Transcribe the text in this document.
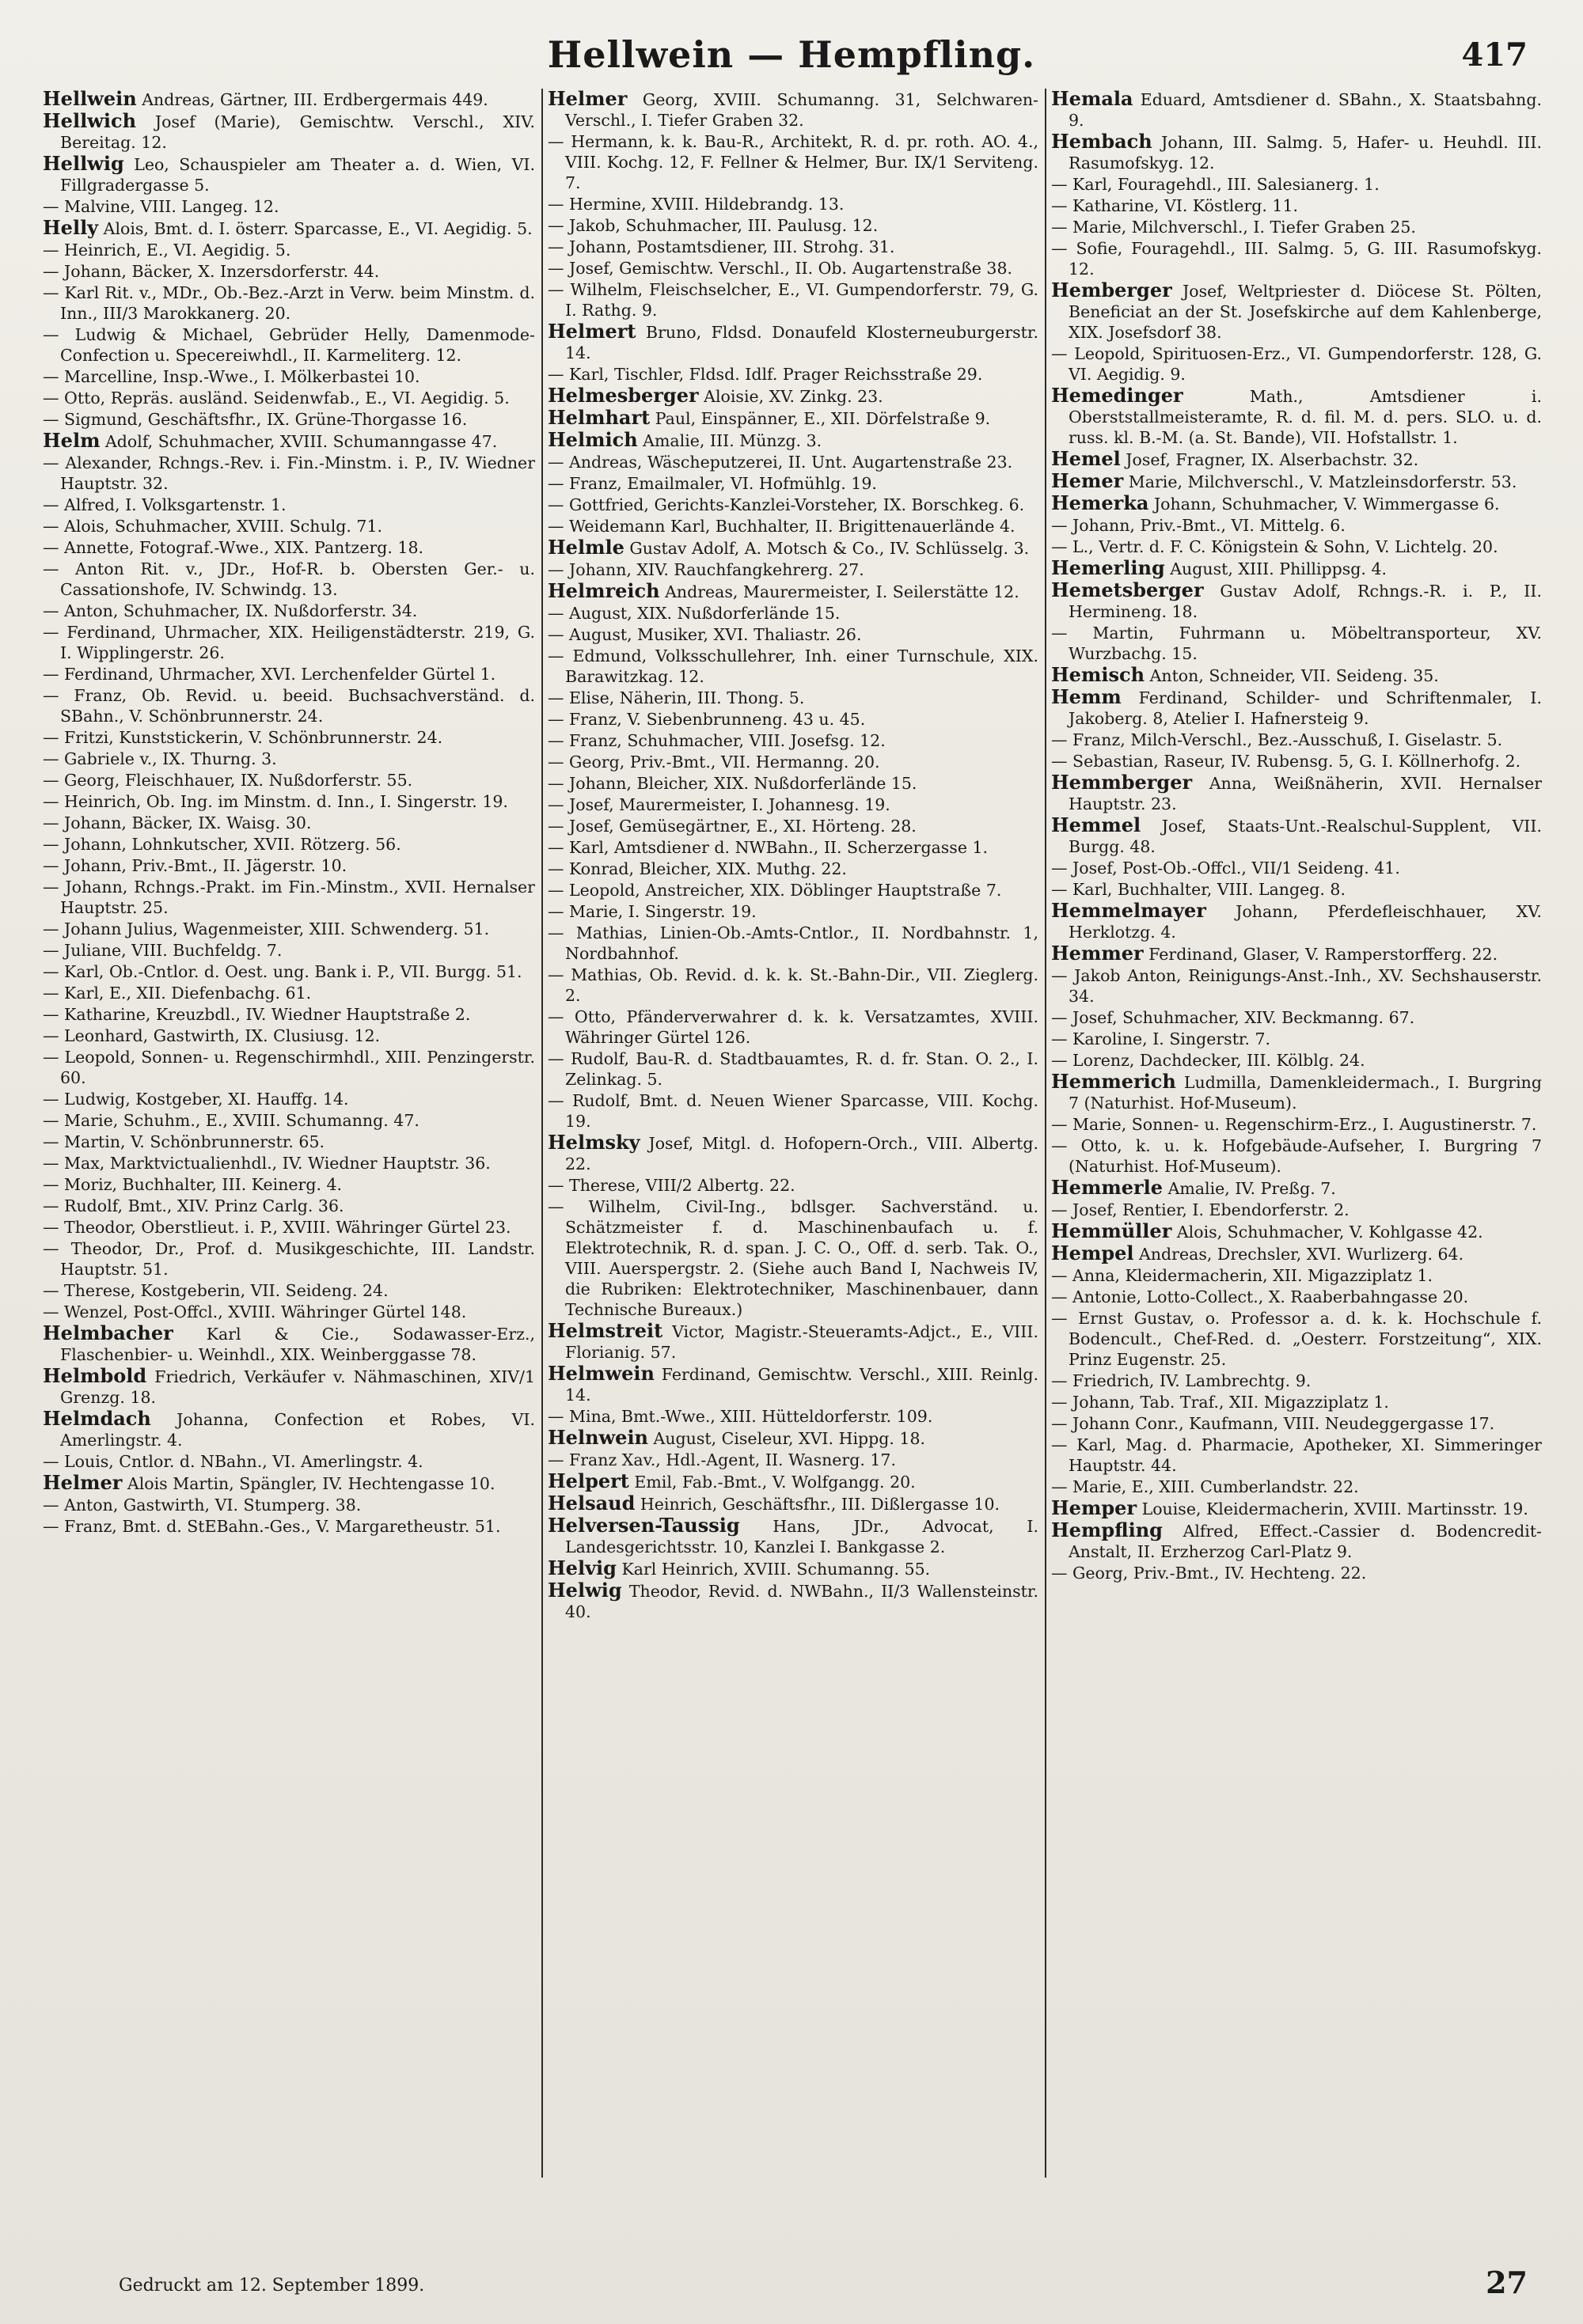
Hellwein — Hempfling.	417
Hellwein Andreas, Gärtner, III. Erdbergermais 449.
Hellwich Josef (Marie), Gemischtw. Verschl., XIV. Bereitag. 12.
Hellwig Leo, Schauspieler am Theater a. d. Wien, VI. Fillgradergasse 5.
— Malvine, VIII. Langeg. 12.
Helly Alois, Bmt. d. I. österr. Sparcasse, E., VI. Aegidig. 5.
— Heinrich, E., VI. Aegidig. 5.
— Johann, Bäcker, X. Inzersdorferstr. 44.
— Karl Rit. v., MDr., Ob.-Bez.-Arzt in Verw. beim Minstm. d. Inn., III/3 Marokkanerg. 20.
— Ludwig & Michael, Gebrüder Helly, Damenmode-Confection u. Specereiwhdl., II. Karmeliterg. 12.
— Marcelline, Insp.-Wwe., I. Mölkerbastei 10.
— Otto, Repräs. ausländ. Seidenwfab., E., VI. Aegidig. 5.
— Sigmund, Geschäftsfhr., IX. Grüne-Thorgasse 16.
Helm Adolf, Schuhmacher, XVIII. Schumanngasse 47.
— Alexander, Rchngs.-Rev. i. Fin.-Minstm. i. P., IV. Wiedner Hauptstr. 32.
— Alfred, I. Volksgartenstr. 1.
— Alois, Schuhmacher, XVIII. Schulg. 71.
— Annette, Fotograf.-Wwe., XIX. Pantzerg. 18.
— Anton Rit. v., JDr., Hof-R. b. Obersten Ger.- u. Cassationshofe, IV. Schwindg. 13.
— Anton, Schuhmacher, IX. Nußdorferstr. 34.
— Ferdinand, Uhrmacher, XIX. Heiligenstädterstr. 219, G. I. Wipplingerstr. 26.
— Ferdinand, Uhrmacher, XVI. Lerchenfelder Gürtel 1.
— Franz, Ob. Revid. u. beeid. Buchsachverständ. d. SBahn., V. Schönbrunnerstr. 24.
— Fritzi, Kunststickerin, V. Schönbrunnerstr. 24.
— Gabriele v., IX. Thurng. 3.
— Georg, Fleischhauer, IX. Nußdorferstr. 55.
— Heinrich, Ob. Ing. im Minstm. d. Inn., I. Singerstr. 19.
— Johann, Bäcker, IX. Waisg. 30.
— Johann, Lohnkutscher, XVII. Rötzerg. 56.
— Johann, Priv.-Bmt., II. Jägerstr. 10.
— Johann, Rchngs.-Prakt. im Fin.-Minstm., XVII. Hernalser Hauptstr. 25.
— Johann Julius, Wagenmeister, XIII. Schwenderg. 51.
— Juliane, VIII. Buchfeldg. 7.
— Karl, Ob.-Cntlor. d. Oest. ung. Bank i. P., VII. Burgg. 51.
— Karl, E., XII. Diefenbachg. 61.
— Katharine, Kreuzbdl., IV. Wiedner Hauptstraße 2.
— Leonhard, Gastwirth, IX. Clusiusg. 12.
— Leopold, Sonnen- u. Regenschirmhdl., XIII. Penzingerstr. 60.
— Ludwig, Kostgeber, XI. Hauffg. 14.
— Marie, Schuhm., E., XVIII. Schumanng. 47.
— Martin, V. Schönbrunnerstr. 65.
— Max, Marktvictualienhdl., IV. Wiedner Hauptstr. 36.
— Moriz, Buchhalter, III. Keinerg. 4.
— Rudolf, Bmt., XIV. Prinz Carlg. 36.
— Theodor, Oberstlieut. i. P., XVIII. Währinger Gürtel 23.
— Theodor, Dr., Prof. d. Musikgeschichte, III. Landstr. Hauptstr. 51.
— Therese, Kostgeberin, VII. Seideng. 24.
— Wenzel, Post-Offcl., XVIII. Währinger Gürtel 148.
Helmbacher Karl & Cie., Sodawasser-Erz., Flaschenbier- u. Weinhdl., XIX. Weinberggasse 78.
Helmbold Friedrich, Verkäufer v. Nähmaschinen, XIV/1 Grenzg. 18.
Helmdach Johanna, Confection et Robes, VI. Amerlingstr. 4.
— Louis, Cntlor. d. NBahn., VI. Amerlingstr. 4.
Helmer Alois Martin, Spängler, IV. Hechtengasse 10.
— Anton, Gastwirth, VI. Stumperg. 38.
— Franz, Bmt. d. StEBahn.-Ges., V. Margaretheustr. 51.
Helmer Georg, XVIII. Schumanng. 31, Selchwaren-Verschl., I. Tiefer Graben 32.
— Hermann, k. k. Bau-R., Architekt, R. d. pr. roth. AO. 4., VIII. Kochg. 12, F. Fellner & Helmer, Bur. IX/1 Serviteng. 7.
— Hermine, XVIII. Hildebrandg. 13.
— Jakob, Schuhmacher, III. Paulusg. 12.
— Johann, Postamtsdiener, III. Strohg. 31.
— Josef, Gemischtw. Verschl., II. Ob. Augartenstraße 38.
— Wilhelm, Fleischselcher, E., VI. Gumpendorferstr. 79, G. I. Rathg. 9.
Helmert Bruno, Fldsd. Donaufeld Klosterneuburgerstr. 14.
— Karl, Tischler, Fldsd. Idlf. Prager Reichsstraße 29.
Helmesberger Aloisie, XV. Zinkg. 23.
Helmhart Paul, Einspänner, E., XII. Dörfelstraße 9.
Helmich Amalie, III. Münzg. 3.
— Andreas, Wäscheputzerei, II. Unt. Augartenstraße 23.
— Franz, Emailmaler, VI. Hofmühlg. 19.
— Gottfried, Gerichts-Kanzlei-Vorsteher, IX. Borschkeg. 6.
— Weidemann Karl, Buchhalter, II. Brigittenauerlände 4.
Helmle Gustav Adolf, A. Motsch & Co., IV. Schlüsselg. 3.
— Johann, XIV. Rauchfangkehrerg. 27.
Helmreich Andreas, Maurermeister, I. Seilerstätte 12.
— August, XIX. Nußdorferlände 15.
— August, Musiker, XVI. Thaliastr. 26.
— Edmund, Volksschullehrer, Inh. einer Turnschule, XIX. Barawitzkag. 12.
— Elise, Näherin, III. Thong. 5.
— Franz, V. Siebenbrunneng. 43 u. 45.
— Franz, Schuhmacher, VIII. Josefsg. 12.
— Georg, Priv.-Bmt., VII. Hermanng. 20.
— Johann, Bleicher, XIX. Nußdorferlände 15.
— Josef, Maurermeister, I. Johannesg. 19.
— Josef, Gemüsegärtner, E., XI. Hörteng. 28.
— Karl, Amtsdiener d. NWBahn., II. Scherzergasse 1.
— Konrad, Bleicher, XIX. Muthg. 22.
— Leopold, Anstreicher, XIX. Döblinger Hauptstraße 7.
— Marie, I. Singerstr. 19.
— Mathias, Linien-Ob.-Amts-Cntlor., II. Nordbahnstr. 1, Nordbahnhof.
— Mathias, Ob. Revid. d. k. k. St.-Bahn-Dir., VII. Zieglerg. 2.
— Otto, Pfänderverwahrer d. k. k. Versatzamtes, XVIII. Währinger Gürtel 126.
— Rudolf, Bau-R. d. Stadtbauamtes, R. d. fr. Stan. O. 2., I. Zelinkag. 5.
— Rudolf, Bmt. d. Neuen Wiener Sparcasse, VIII. Kochg. 19.
Helmsky Josef, Mitgl. d. Hofopern-Orch., VIII. Albertg. 22.
— Therese, VIII/2 Albertg. 22.
— Wilhelm, Civil-Ing., bdlsger. Sachverständ. u. Schätzmeister f. d. Maschinenbaufach u. f. Elektrotechnik, R. d. span. J. C. O., Off. d. serb. Tak. O., VIII. Auerspergstr. 2. (Siehe auch Band I, Nachweis IV, die Rubriken: Elektrotechniker, Maschinenbauer, dann Technische Bureaux.)
Helmstreit Victor, Magistr.-Steueramts-Adjct., E., VIII. Florianig. 57.
Helmwein Ferdinand, Gemischtw. Verschl., XIII. Reinlg. 14.
— Mina, Bmt.-Wwe., XIII. Hütteldorferstr. 109.
Helnwein August, Ciseleur, XVI. Hippg. 18.
— Franz Xav., Hdl.-Agent, II. Wasnerg. 17.
Helpert Emil, Fab.-Bmt., V. Wolfgangg. 20.
Helsaud Heinrich, Geschäftsfhr., III. Dißlergasse 10.
Helversen-Taussig Hans, JDr., Advocat, I. Landesgerichtsstr. 10, Kanzlei I. Bankgasse 2.
Helvig Karl Heinrich, XVIII. Schumanng. 55.
Helwig Theodor, Revid. d. NWBahn., II/3 Wallensteinstr. 40.
Hemala Eduard, Amtsdiener d. SBahn., X. Staatsbahng. 9.
Hembach Johann, III. Salmg. 5, Hafer- u. Heuhdl. III. Rasumofskyg. 12.
— Karl, Fouragehdl., III. Salesianerg. 1.
— Katharine, VI. Köstlerg. 11.
— Marie, Milchverschl., I. Tiefer Graben 25.
— Sofie, Fouragehdl., III. Salmg. 5, G. III. Rasumofskyg. 12.
Hemberger Josef, Weltpriester d. Diöcese St. Pölten, Beneficiat an der St. Josefskirche auf dem Kahlenberge, XIX. Josefsdorf 38.
— Leopold, Spirituosen-Erz., VI. Gumpendorferstr. 128, G. VI. Aegidig. 9.
Hemedinger	Math., Amtsdiener i. Oberststallmeisteramte, R. d. fil. M. d. pers. SLO. u. d. russ. kl. B.-M. (a. St. Bande), VII. Hofstallstr. 1.
Hemel Josef, Fragner, IX. Alserbachstr. 32.
Hemer Marie, Milchverschl., V. Matzleinsdorferstr. 53.
Hemerka Johann, Schuhmacher, V. Wimmergasse 6.
— Johann, Priv.-Bmt., VI. Mittelg. 6.
— L., Vertr. d. F. C. Königstein & Sohn, V. Lichtelg. 20.
Hemerling August, XIII. Phillippsg. 4.
Hemetsberger Gustav Adolf, Rchngs.-R. i. P., II. Hermineng. 18.
— Martin, Fuhrmann u. Möbeltransporteur, XV. Wurzbachg. 15.
Hemisch Anton, Schneider, VII. Seideng. 35.
Hemm Ferdinand, Schilder- und Schriftenmaler, I. Jakoberg. 8, Atelier I. Hafnersteig 9.
— Franz, Milch-Verschl., Bez.-Ausschuß, I. Giselastr. 5.
— Sebastian, Raseur, IV. Rubensg. 5, G. I. Köllnerhofg. 2.
Hemmberger Anna, Weißnäherin, XVII. Hernalser Hauptstr. 23.
Hemmel Josef, Staats-Unt.-Realschul-Supplent, VII. Burgg. 48.
— Josef, Post-Ob.-Offcl., VII/1 Seideng. 41.
— Karl, Buchhalter, VIII. Langeg. 8.
Hemmelmayer Johann, Pferdefleischhauer, XV. Herklotzg. 4.
Hemmer Ferdinand, Glaser, V. Ramperstorfferg. 22.
— Jakob Anton, Reinigungs-Anst.-Inh., XV. Sechshauserstr. 34.
— Josef, Schuhmacher, XIV. Beckmanng. 67.
— Karoline, I. Singerstr. 7.
— Lorenz, Dachdecker, III. Kölblg. 24.
Hemmerich Ludmilla, Damenkleidermach., I. Burgring 7 (Naturhist. Hof-Museum).
— Marie, Sonnen- u. Regenschirm-Erz., I. Augustinerstr. 7.
— Otto, k. u. k. Hofgebäude-Aufseher, I. Burgring 7 (Naturhist. Hof-Museum).
Hemmerle Amalie, IV. Preßg. 7.
— Josef, Rentier, I. Ebendorferstr. 2.
Hemmüller Alois, Schuhmacher, V. Kohlgasse 42.
Hempel Andreas, Drechsler, XVI. Wurlizerg. 64.
— Anna, Kleidermacherin, XII. Migazziplatz 1.
— Antonie, Lotto-Collect., X. Raaberbahngasse 20.
— Ernst Gustav, o. Professor a. d. k. k. Hochschule f. Bodencult., Chef-Red. d. „Oesterr. Forstzeitung“, XIX. Prinz Eugenstr. 25.
— Friedrich, IV. Lambrechtg. 9.
— Johann, Tab. Traf., XII. Migazziplatz 1.
— Johann Conr., Kaufmann, VIII. Neudeggergasse 17.
— Karl, Mag. d. Pharmacie, Apotheker, XI. Simmeringer Hauptstr. 44.
— Marie, E., XIII. Cumberlandstr. 22.
Hemper Louise, Kleidermacherin, XVIII. Martinsstr. 19.
Hempfling Alfred, Effect.-Cassier d. Bodencredit-Anstalt, II. Erzherzog Carl-Platz 9.
— Georg, Priv.-Bmt., IV. Hechteng. 22.
Gedruckt am 12. September 1899.	27
